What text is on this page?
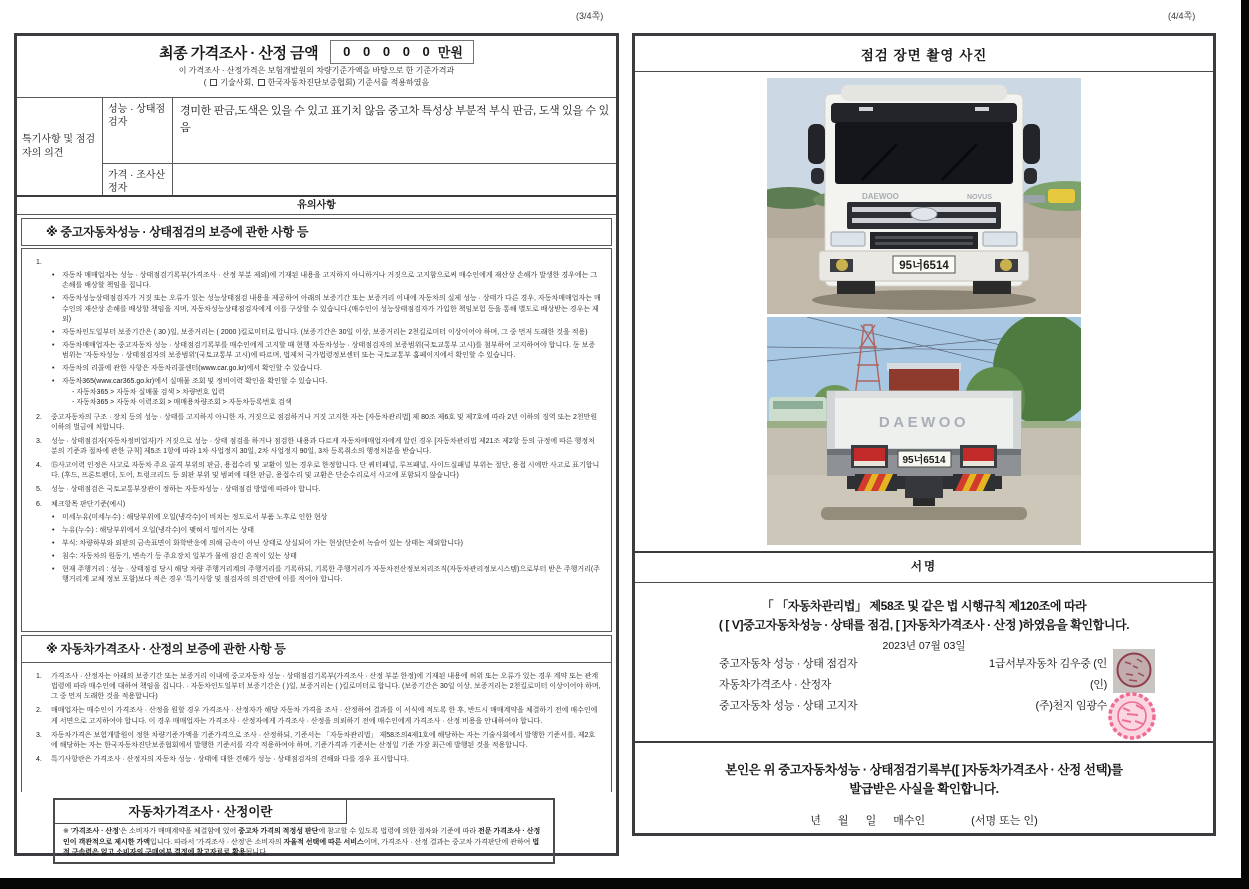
(3/4쪽)	(4/4쪽)
최종 가격조사 · 산정 금액 0 0 0 0 0 만원
이 가격조사 · 산정가격은 보험개발원의 차량기준가액을 바탕으로 한 기준가격과
( 기술사회, 한국자동차진단보증협회) 기준서를 적용하였음
특기사항 및 점검자의 의견
성능 · 상태점검자
경미한 판금,도색은 있을 수 있고 표기치 않음 중고차 특성상 부분적 부식 판금, 도색 있을 수 있음
가격 · 조사산정자
유의사항
※ 중고자동차성능 · 상태점검의 보증에 관한 사항 등
1.
•	자동차 매매업자는 성능 · 상태점검기록부(가격조사 · 산정 부분 제외)에 기재된 내용을 고지하지 아니하거나 거짓으로 고지함으로써 매수인에게 재산상 손해가 발생한 경우에는 그 손해를 배상할 책임을 집니다.
•	자동차성능상태점검자가 거짓 또는 오류가 있는 성능상태점검 내용을 제공하여 아래의 보증기간 또는 보증거리 이내에 자동차의 실제 성능 · 상태가 다른 경우, 자동차매매업자는 매수인의 재산상 손해를 배상할 책임을 지며, 자동차성능상태점검자에게 이를 구상할 수 있습니다.(매수인이 성능상태점검자가 가입한 책임보험 등을 통해 별도로 배상받는 경우는 제외)
•	자동차인도일부터 보증기간은 ( 30 )일, 보증거리는 ( 2000 )킬로미터로 합니다. (보증기간은 30일 이상, 보증거리는 2천킬로미터 이상이어야 하며, 그 중 먼저 도래한 것을 적용)
•	자동차매매업자는 중고자동차 성능 · 상태점검기록부를 매수인에게 고지할 때 현행 자동차성능 · 상태점검자의 보증범위(국토교통부 고시)를 첨부하여 고지하여야 합니다. 동 보증범위는 '자동차성능 · 상태점검자의 보증범위'(국토교통부 고시)에 따르며, 법제처 국가법령정보센터 또는 국토교통부 홈페이지에서 확인할 수 있습니다.
•	자동차의 리콜에 관한 사항은 자동차리콜센터(www.car.go.kr)에서 확인할 수 있습니다.
•	자동차365(www.car365.go.kr)에서 실매물 조회 및 정비이력 확인을 확인할 수 있습니다.
- 자동차365 > 자동차 실매물 검색 > 차량번호 입력
- 자동차365 > 자동차 이력조회 > 매매용차량조회 > 자동차등록번호 검색
2.	중고자동차의 구조 · 장치 등의 성능 · 상태를 고지하지 아니한 자, 거짓으로 점검하거나 거짓 고지한 자는 [자동차관리법] 제 80조 제6호 및 제7호에 따라 2년 이하의 징역 또는 2천만원 이하의 벌금에 처합니다.
3.	성능 · 상태점검자(자동차정비업자)가 거짓으로 성능 · 상태 점검을 하거나 점검한 내용과 다르게 자동차매매업자에게 알린 경우 [자동차관리법 제21조 제2항 등의 규정에 따른 행정처분의 기준과 절차에 관한 규칙] 제5조 1항에 따라 1차 사업정지 30일, 2차 사업정지 90일, 3차 등록취소의 행정처분을 받습니다.
4.	⑮사고이력 인정은 사고로 자동차 주요 골격 부위의 판금, 용접수리 및 교환이 있는 경우로 한정합니다. 단 쿼터패널, 루프패널, 사이드실패널 부위는 절단, 용접 시에만 사고로 표기합니다. (후드, 프론트펜더, 도어, 트렁크리드 등 외판 부위 및 범퍼에 대한 판금, 용접수리 및 교환은 단순수리로서 사고에 포함되지 않습니다)
5.	성능 · 상태점검은 국토교통부장관이 정하는 자동차성능 · 상태점검 방법에 따라야 합니다.
6.	체크항목 판단기준(예시)
•	미세누유(미세누수) : 해당부위에 오일(냉각수)이 비치는 정도로서 부품 노후로 인한 현상
•	누유(누수) : 해당부위에서 오일(냉각수)이 맺혀서 떨어지는 상태
•	부식: 차량하부와 외판의 금속표면이 화학반응에 의해 금속이 아닌 상태로 상실되어 가는 현상(단순히 녹슬어 있는 상태는 제외합니다)
•	침수: 자동차의 원동기, 변속기 등 주요장치 일부가 물에 잠긴 흔적이 있는 상태
•	현재 주행거리 : 성능 · 상태점검 당시 해당 차량 주행거리계의 주행거리를 기록하되, 기록한 주행거리가 자동차전산정보처리조직(자동차관리정보시스템)으로부터 받은 주행거리(주행거리계 교체 정보 포함)보다 적은 경우 '특기사항 및 점검자의 의견'란에 이를 적어야 합니다.
※ 자동차가격조사 · 산정의 보증에 관한 사항 등
1.	가격조사 · 산정자는 아래의 보증기간 또는 보증거리 이내에 중고자동차 성능 · 상태점검기록부(가격조사 · 산정 부분 한정)에 기재된 내용에 허위 또는 오류가 있는 경우 계약 또는 관계법령에 따라 매수인에 대하여 책임을 집니다. · 자동차인도일부터 보증기간은 ( )일, 보증거리는 ( )킬로미터로 합니다. (보증기간은 30일 이상, 보증거리는 2천킬로미터 이상이어야 하며, 그 중 먼저 도래한 것을 적용합니다)
2.	매매업자는 매수인이 가격조사 · 산정을 원할 경우 가격조사 · 산정자가 해당 자동차 가격을 조사 · 산정하여 결과를 이 서식에 적도록 한 후, 반드시 매매계약을 체결하기 전에 매수인에게 서면으로 고지하여야 합니다. 이 경우 매매업자는 가격조사 · 산정자에게 가격조사 · 산정을 의뢰하기 전에 매수인에게 가격조사 · 산정 비용을 안내하여야 합니다.
3.	자동차가격은 보험개발원이 정한 차량기준가액을 기준가격으로 조사 · 산정하되, 기준서는 「자동차관리법」 제58조의4제1호에 해당하는 자는 기술사회에서 발행한 기준서를, 제2호에 해당하는 자는 한국자동차진단보증협회에서 발행한 기준서를 각각 적용하여야 하며, 기준가격과 기준서는 산정일 기준 가장 최근에 발행된 것을 적용합니다.
4.	특기사항란은 가격조사 · 산정자의 자동차 성능 · 상태에 대한 견해가 성능 · 상태점검자의 견해와 다를 경우 표시합니다.
자동차가격조사 · 산정이란
※ '가격조사 · 산정'은 소비자가 매매계약을 체결함에 있어 중고차 가격의 적정성 판단에 참고할 수 있도록 법령에 의한 절차와 기준에 따라 전문 가격조사 · 산정인이 객관적으로 제시한 가액입니다. 따라서 '가격조사 · 산정'은 소비자의 자율적 선택에 따른 서비스이며, 가격조사 · 산정 결과는 중고차 가격판단에 관하여 법적 구속력은 없고 소비자의 구매여부 결정에 참고자료로 활용됩니다.
점검 장면 촬영 사진
DAEWOO	NOVUS
95너6514
DAEWOO
95너6514
서명
「 「자동차관리법」 제58조 및 같은 법 시행규칙 제120조에 따라
( [ V]중고자동차성능 · 상태를 점검, [ ]자동차가격조사 · 산정 )하였음을 확인합니다.
2023년 07월 03일
중고자동차 성능 · 상태 점검자	1급서부자동차 김우중 (인
자동차가격조사 · 산정자	(인)
중고자동차 성능 · 상태 고지자	(주)천지 임광수
본인은 위 중고자동차성능 · 상태점검기록부([ ]자동차가격조사 · 산정 선택)를
발급받은 사실을 확인합니다.
년 월 일 매수인	(서명 또는 인)
